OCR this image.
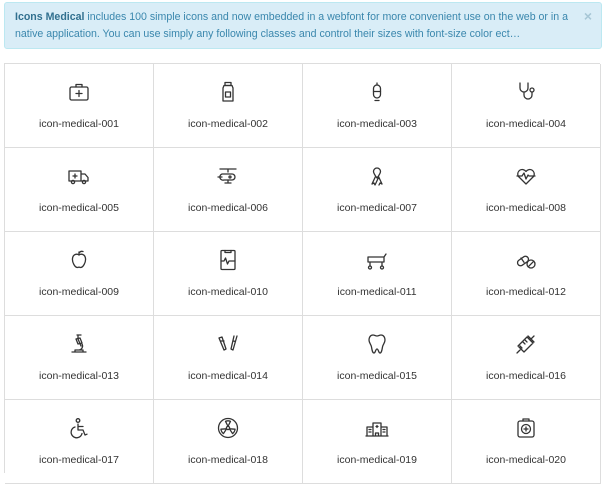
×
Icons Medical includes 100 simple icons and now embedded in a webfont for more convenient use on the web or in a native application. You can use simply any following classes and control their sizes with font-size color ect…
icon-medical-001	icon-medical-002	icon-medical-003	icon-medical-004
icon-medical-005	icon-medical-006	icon-medical-007	icon-medical-008
icon-medical-009	icon-medical-010	icon-medical-011	icon-medical-012
icon-medical-013	icon-medical-014	icon-medical-015	icon-medical-016
icon-medical-017	icon-medical-018	icon-medical-019	icon-medical-020
